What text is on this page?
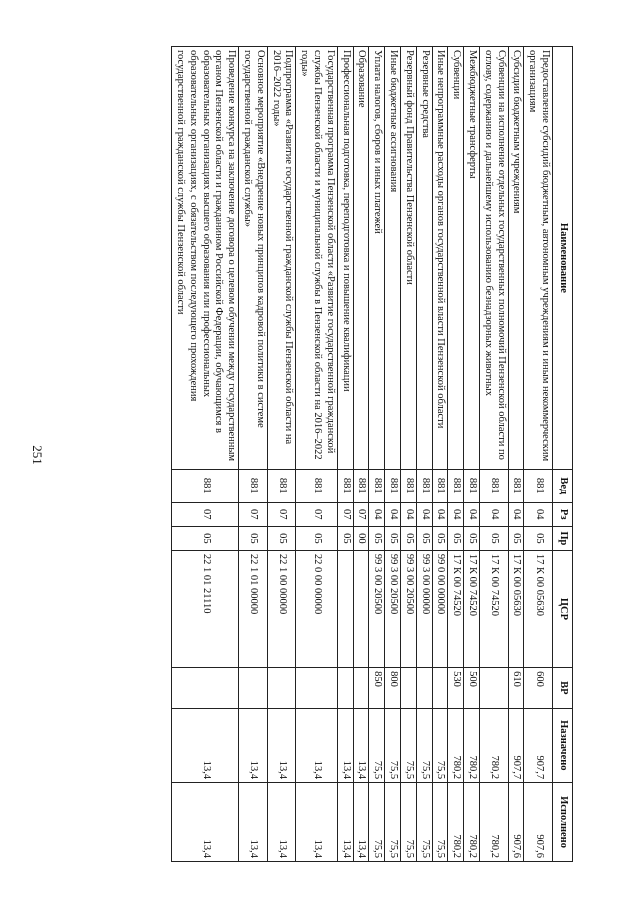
251
Наименование	Вед	Рз	Пр	ЦСР	ВР	Назначено	Исполнено
Предоставление субсидий бюджетным, автономным учреждениям и иным некоммерческим организациям	881	04	05	17 К 00 05630	600	907,7	907,6
Субсидии бюджетным учреждениям	881	04	05	17 К 00 05630	610	907,7	907,6
Субвенции на исполнение отдельных государственных полномочий Пензенской области по отлову, содержанию и дальнейшему использованию безнадзорных животных	881	04	05	17 К 00 74520		780,2	780,2
Межбюджетные трансферты	881	04	05	17 К 00 74520	500	780,2	780,2
Субвенции	881	04	05	17 К 00 74520	530	780,2	780,2
Иные непрограммные расходы органов государственной власти Пензенской области	881	04	05	99 0 00 00000		75,5	75,5
Резервные средства	881	04	05	99 3 00 00000		75,5	75,5
Резервный фонд Правительства Пензенской области	881	04	05	99 3 00 20500		75,5	75,5
Иные бюджетные ассигнования	881	04	05	99 3 00 20500	800	75,5	75,5
Уплата налогов, сборов и иных платежей	881	04	05	99 3 00 20500	850	75,5	75,5
Образование	881	07	00			13,4	13,4
Профессиональная подготовка, переподготовка и повышение квалификации	881	07	05			13,4	13,4
Государственная программа Пензенской области «Развитие государственной гражданской службы Пензенской области и муниципальной службы в Пензенской области на 2016–2022 годы»	881	07	05	22 0 00 00000		13,4	13,4
Подпрограмма «Развитие государственной гражданской службы Пензенской области на 2016–2022 годы»	881	07	05	22 1 00 00000		13,4	13,4
Основное мероприятие «Внедрение новых принципов кадровой политики в системе государственной гражданской службы»	881	07	05	22 1 01 00000		13,4	13,4
Проведение конкурса на заключение договора о целевом обучении между государственным органом Пензенской области и гражданином Российской Федерации, обучающимся в образовательных организациях высшего образования или профессиональных образовательных организациях, с обязательством последующего прохождения государственной гражданской службы Пензенской области	881	07	05	22 1 01 21110		13,4	13,4
